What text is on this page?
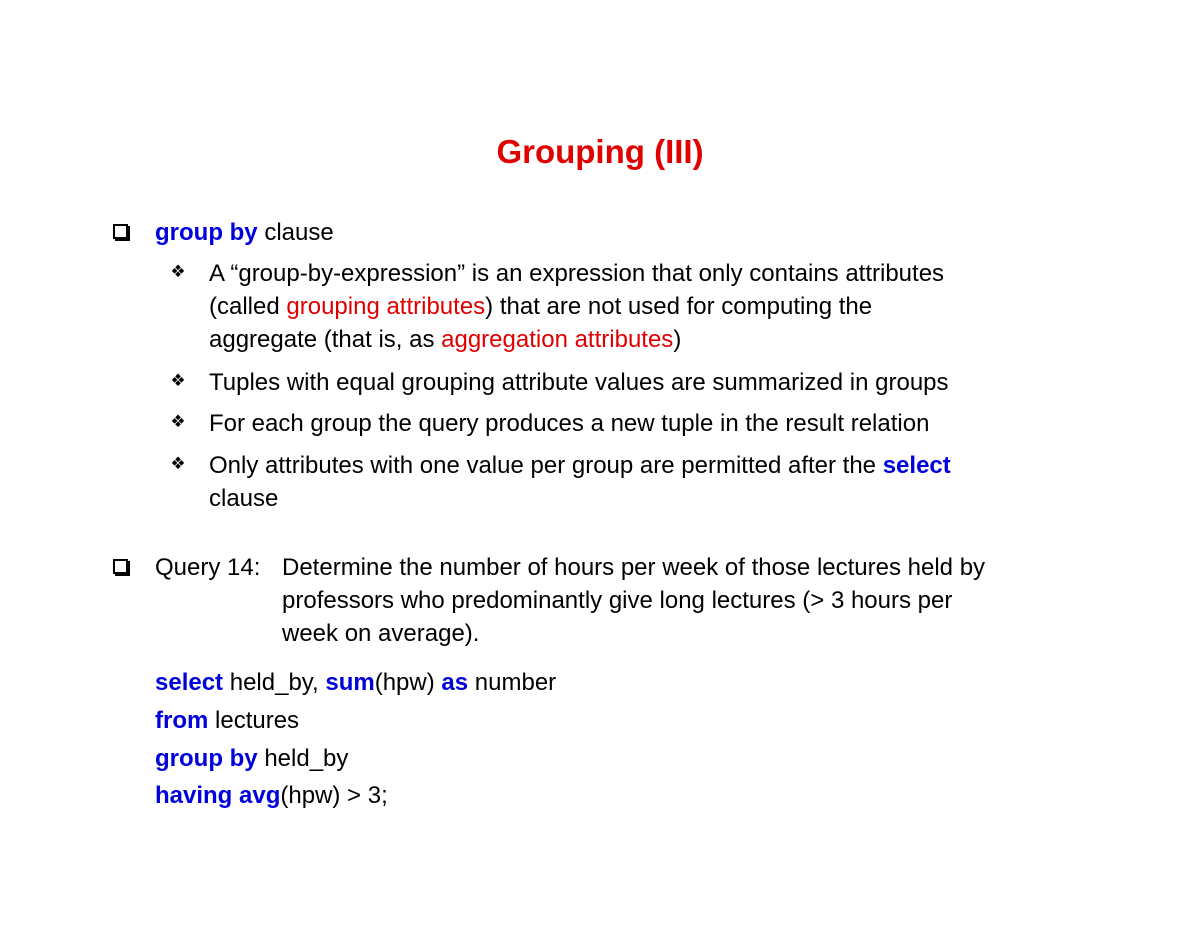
Grouping (III)
group by clause
❖ A “group-by-expression” is an expression that only contains attributes
(called grouping attributes) that are not used for computing the
aggregate (that is, as aggregation attributes)
❖ Tuples with equal grouping attribute values are summarized in groups
❖ For each group the query produces a new tuple in the result relation
❖ Only attributes with one value per group are permitted after the select
clause
Query 14: Determine the number of hours per week of those lectures held by
professors who predominantly give long lectures (> 3 hours per
week on average).
select held_by, sum(hpw) as number
from lectures
group by held_by
having avg(hpw) > 3;
